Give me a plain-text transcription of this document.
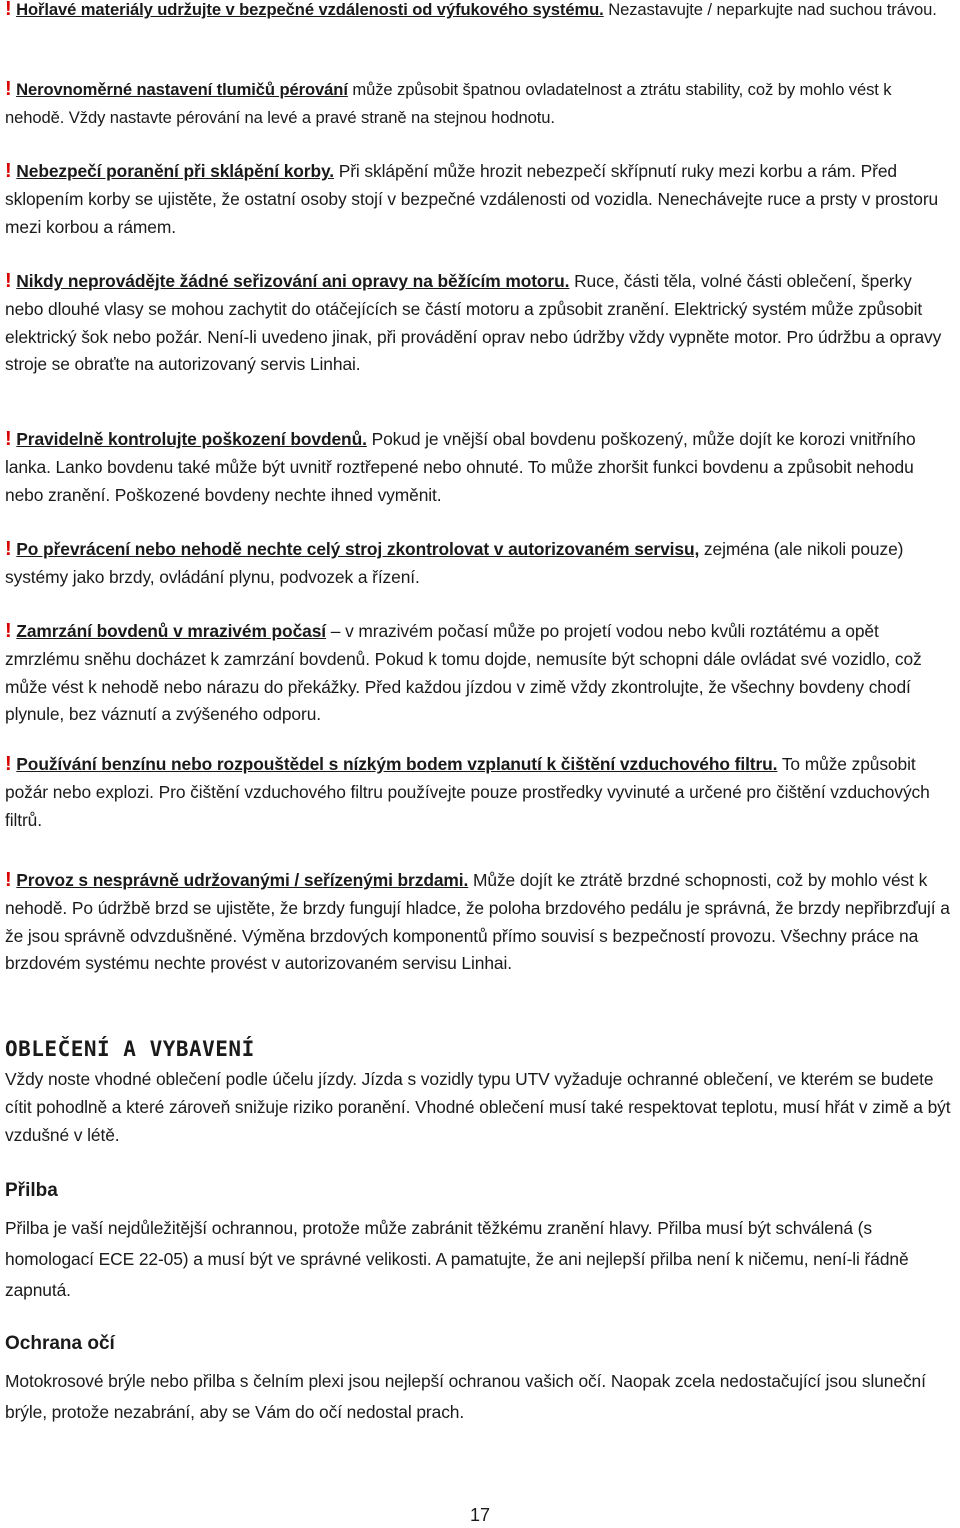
! Hořlavé materiály udržujte v bezpečné vzdálenosti od výfukového systému. Nezastavujte / neparkujte nad suchou trávou.

! Nerovnoměrné nastavení tlumičů pérování může způsobit špatnou ovladatelnost a ztrátu stability, což by mohlo vést k nehodě. Vždy nastavte pérování na levé a pravé straně na stejnou hodnotu.

! Nebezpečí poranění při sklápění korby. Při sklápění může hrozit nebezpečí skřípnutí ruky mezi korbu a rám. Před sklopením korby se ujistěte, že ostatní osoby stojí v bezpečné vzdálenosti od vozidla. Nenechávejte ruce a prsty v prostoru mezi korbou a rámem.

! Nikdy neprovádějte žádné seřizování ani opravy na běžícím motoru. Ruce, části těla, volné části oblečení, šperky nebo dlouhé vlasy se mohou zachytit do otáčejících se částí motoru a způsobit zranění. Elektrický systém může způsobit elektrický šok nebo požár. Není-li uvedeno jinak, při provádění oprav nebo údržby vždy vypněte motor. Pro údržbu a opravy stroje se obraťte na autorizovaný servis Linhai.

! Pravidelně kontrolujte poškození bovdenů. Pokud je vnější obal bovdenu poškozený, může dojít ke korozi vnitřního lanka. Lanko bovdenu také může být uvnitř roztřepené nebo ohnuté. To může zhoršit funkci bovdenu a způsobit nehodu nebo zranění. Poškozené bovdeny nechte ihned vyměnit.

! Po převrácení nebo nehodě nechte celý stroj zkontrolovat v autorizovaném servisu, zejména (ale nikoli pouze) systémy jako brzdy, ovládání plynu, podvozek a řízení.

! Zamrzání bovdenů v mrazivém počasí – v mrazivém počasí může po projetí vodou nebo kvůli roztátému a opět zmrzlému sněhu docházet k zamrzání bovdenů. Pokud k tomu dojde, nemusíte být schopni dále ovládat své vozidlo, což může vést k nehodě nebo nárazu do překážky. Před každou jízdou v zimě vždy zkontrolujte, že všechny bovdeny chodí plynule, bez váznutí a zvýšeného odporu.

! Používání benzínu nebo rozpouštědel s nízkým bodem vzplanutí k čištění vzduchového filtru. To může způsobit požár nebo explozi. Pro čištění vzduchového filtru používejte pouze prostředky vyvinuté a určené pro čištění vzduchových filtrů.

! Provoz s nesprávně udržovanými / seřízenými brzdami. Může dojít ke ztrátě brzdné schopnosti, což by mohlo vést k nehodě. Po údržbě brzd se ujistěte, že brzdy fungují hladce, že poloha brzdového pedálu je správná, že brzdy nepřibrzďují a že jsou správně odvzdušněné. Výměna brzdových komponentů přímo souvisí s bezpečností provozu. Všechny práce na brzdovém systému nechte provést v autorizovaném servisu Linhai.

OBLEČENÍ A VYBAVENÍ

Vždy noste vhodné oblečení podle účelu jízdy. Jízda s vozidly typu UTV vyžaduje ochranné oblečení, ve kterém se budete cítit pohodlně a které zároveň snižuje riziko poranění. Vhodné oblečení musí také respektovat teplotu, musí hřát v zimě a být vzdušné v létě.

Přilba

Přilba je vaší nejdůležitější ochrannou, protože může zabránit těžkému zranění hlavy. Přilba musí být schválená (s homologací ECE 22-05) a musí být ve správné velikosti. A pamatujte, že ani nejlepší přilba není k ničemu, není-li řádně zapnutá.

Ochrana očí

Motokrosové brýle nebo přilba s čelním plexi jsou nejlepší ochranou vašich očí. Naopak zcela nedostačující jsou sluneční brýle, protože nezabrání, aby se Vám do očí nedostal prach.

17
